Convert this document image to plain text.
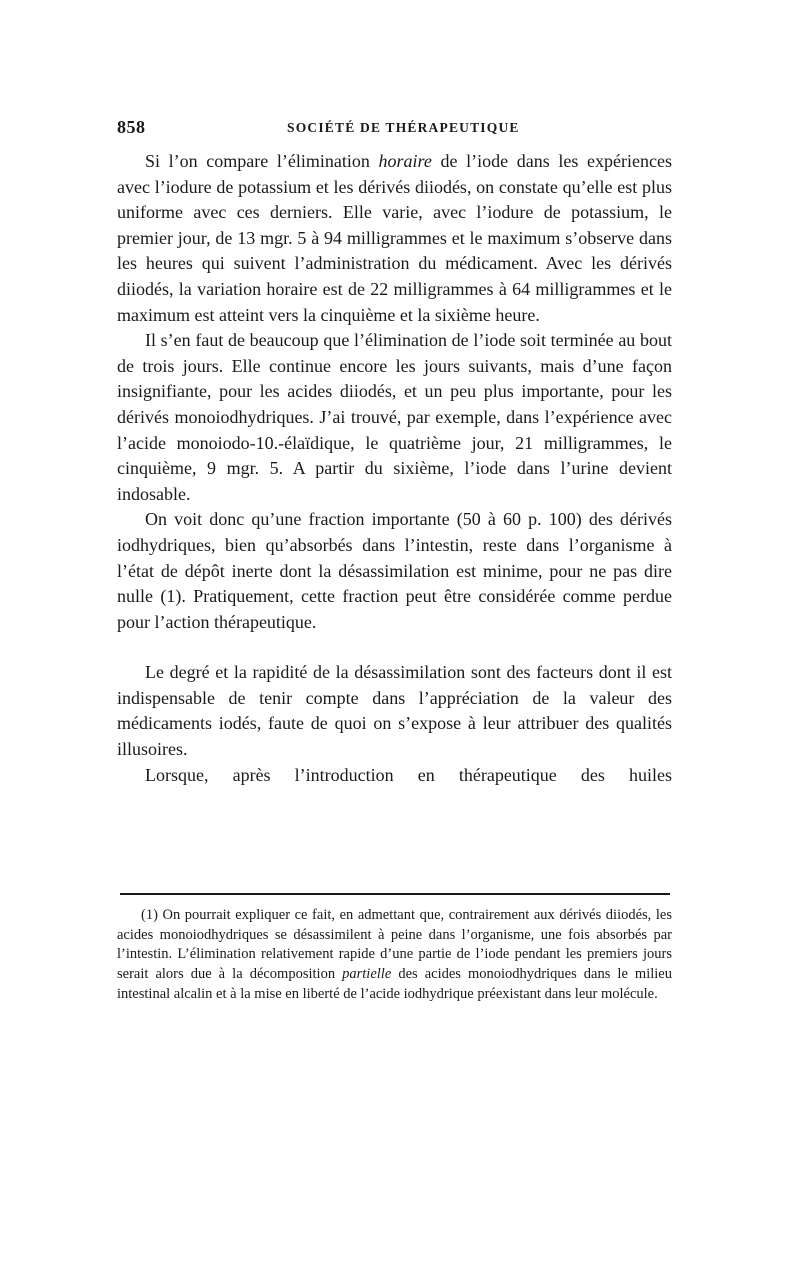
858	SOCIÉTÉ DE THÉRAPEUTIQUE

Si l’on compare l’élimination horaire de l’iode dans les expériences avec l’iodure de potassium et les dérivés diiodés, on constate qu’elle est plus uniforme avec ces derniers. Elle varie, avec l’iodure de potassium, le premier jour, de 13 mgr. 5 à 94 milligrammes et le maximum s’observe dans les heures qui suivent l’administration du médicament. Avec les dérivés diiodés, la variation horaire est de 22 milligrammes à 64 milligrammes et le maximum est atteint vers la cinquième et la sixième heure.

Il s’en faut de beaucoup que l’élimination de l’iode soit terminée au bout de trois jours. Elle continue encore les jours suivants, mais d’une façon insignifiante, pour les acides diiodés, et un peu plus importante, pour les dérivés monoiodhydriques. J’ai trouvé, par exemple, dans l’expérience avec l’acide monoiodo-10.-élaïdique, le quatrième jour, 21 milligrammes, le cinquième, 9 mgr. 5. A partir du sixième, l’iode dans l’urine devient indosable.

On voit donc qu’une fraction importante (50 à 60 p. 100) des dérivés iodhydriques, bien qu’absorbés dans l’intestin, reste dans l’organisme à l’état de dépôt inerte dont la désassimilation est minime, pour ne pas dire nulle (1). Pratiquement, cette fraction peut être considérée comme perdue pour l’action thérapeutique.

Le degré et la rapidité de la désassimilation sont des facteurs dont il est indispensable de tenir compte dans l’appréciation de la valeur des médicaments iodés, faute de quoi on s’expose à leur attribuer des qualités illusoires.

Lorsque, après l’introduction en thérapeutique des huiles

(1) On pourrait expliquer ce fait, en admettant que, contrairement aux dérivés diiodés, les acides monoiodhydriques se désassimilent à peine dans l’organisme, une fois absorbés par l’intestin. L’élimination relativement rapide d’une partie de l’iode pendant les premiers jours serait alors due à la décomposition partielle des acides monoiodhydriques dans le milieu intestinal alcalin et à la mise en liberté de l’acide iodhydrique préexistant dans leur molécule.
